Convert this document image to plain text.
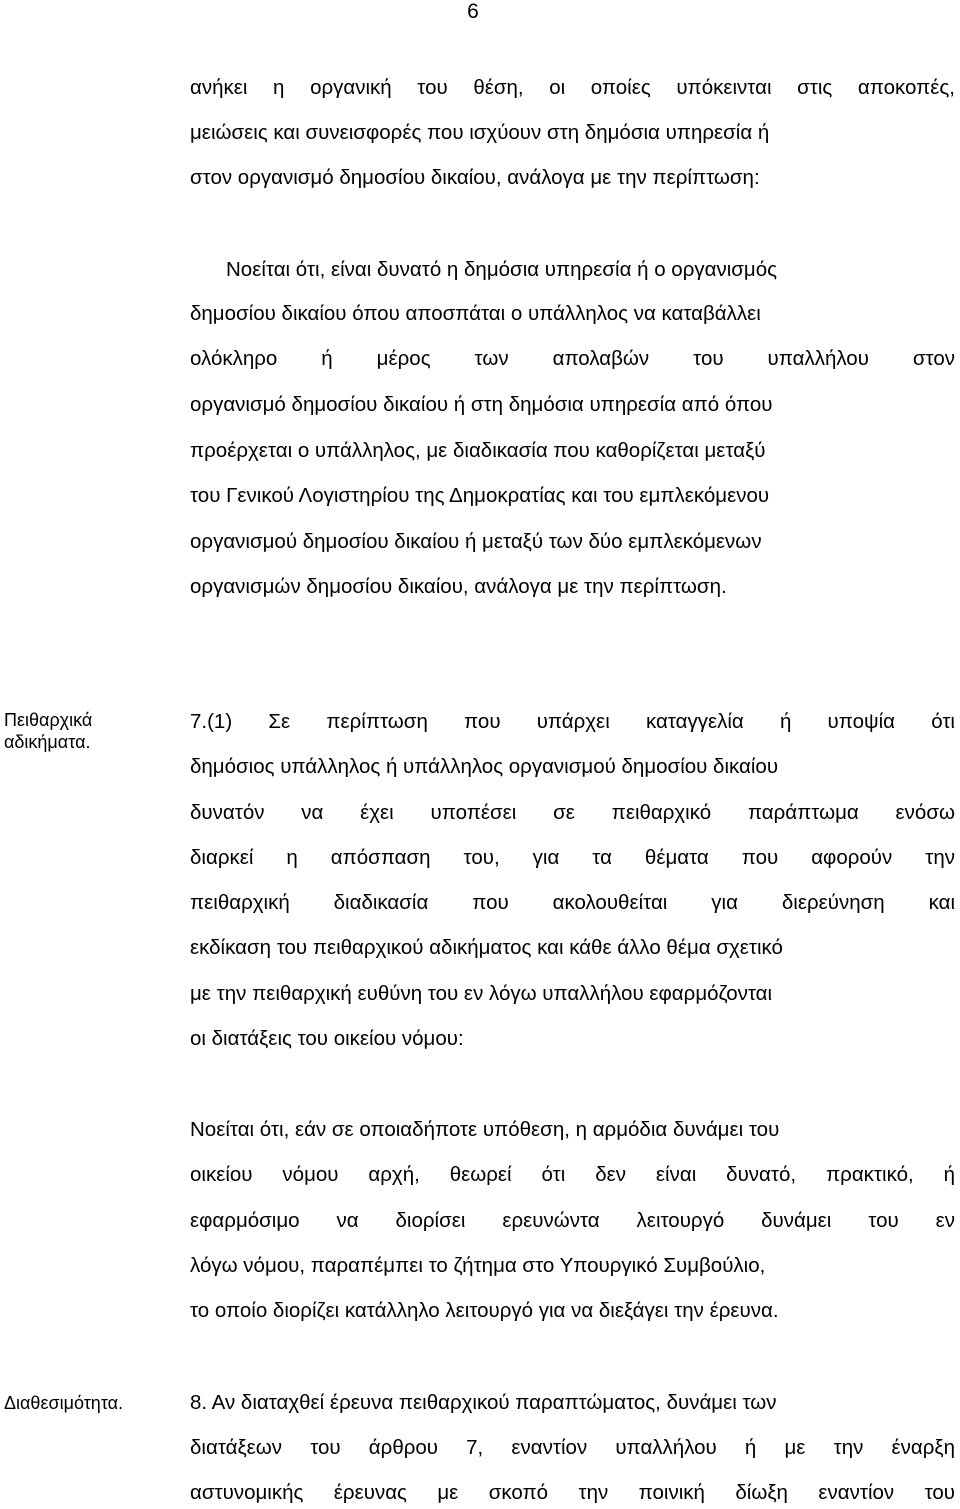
6
ανήκει η οργανική του θέση, οι οποίες υπόκεινται στις αποκοπές,
μειώσεις και συνεισφορές που ισχύουν στη δημόσια υπηρεσία ή
στον οργανισμό δημοσίου δικαίου, ανάλογα με την περίπτωση:
Νοείται ότι, είναι δυνατό η δημόσια υπηρεσία ή ο οργανισμός
δημοσίου δικαίου όπου αποσπάται ο υπάλληλος να καταβάλλει
ολόκληρο ή μέρος των απολαβών του υπαλλήλου στον
οργανισμό δημοσίου δικαίου ή στη δημόσια υπηρεσία από όπου
προέρχεται ο υπάλληλος, με διαδικασία που καθορίζεται μεταξύ
του Γενικού Λογιστηρίου της Δημοκρατίας και του εμπλεκόμενου
οργανισμού δημοσίου δικαίου ή μεταξύ των δύο εμπλεκόμενων
οργανισμών δημοσίου δικαίου, ανάλογα με την περίπτωση.
Πειθαρχικά
αδικήματα.
7.(1) Σε περίπτωση που υπάρχει καταγγελία ή υποψία ότι
δημόσιος υπάλληλος ή υπάλληλος οργανισμού δημοσίου δικαίου
δυνατόν να έχει υποπέσει σε πειθαρχικό παράπτωμα ενόσω
διαρκεί η απόσπαση του, για τα θέματα που αφορούν την
πειθαρχική διαδικασία που ακολουθείται για διερεύνηση και
εκδίκαση του πειθαρχικού αδικήματος και κάθε άλλο θέμα σχετικό
με την πειθαρχική ευθύνη του εν λόγω υπαλλήλου εφαρμόζονται
οι διατάξεις του οικείου νόμου:
Νοείται ότι, εάν σε οποιαδήποτε υπόθεση, η αρμόδια δυνάμει του
οικείου νόμου αρχή, θεωρεί ότι δεν είναι δυνατό, πρακτικό, ή
εφαρμόσιμο να διορίσει ερευνώντα λειτουργό δυνάμει του εν
λόγω νόμου, παραπέμπει το ζήτημα στο Υπουργικό Συμβούλιο,
το οποίο διορίζει κατάλληλο λειτουργό για να διεξάγει την έρευνα.
Διαθεσιμότητα.	8. Αν διαταχθεί έρευνα πειθαρχικού παραπτώματος, δυνάμει των
διατάξεων του άρθρου 7, εναντίον υπαλλήλου ή με την έναρξη
αστυνομικής έρευνας με σκοπό την ποινική δίωξη εναντίον του
